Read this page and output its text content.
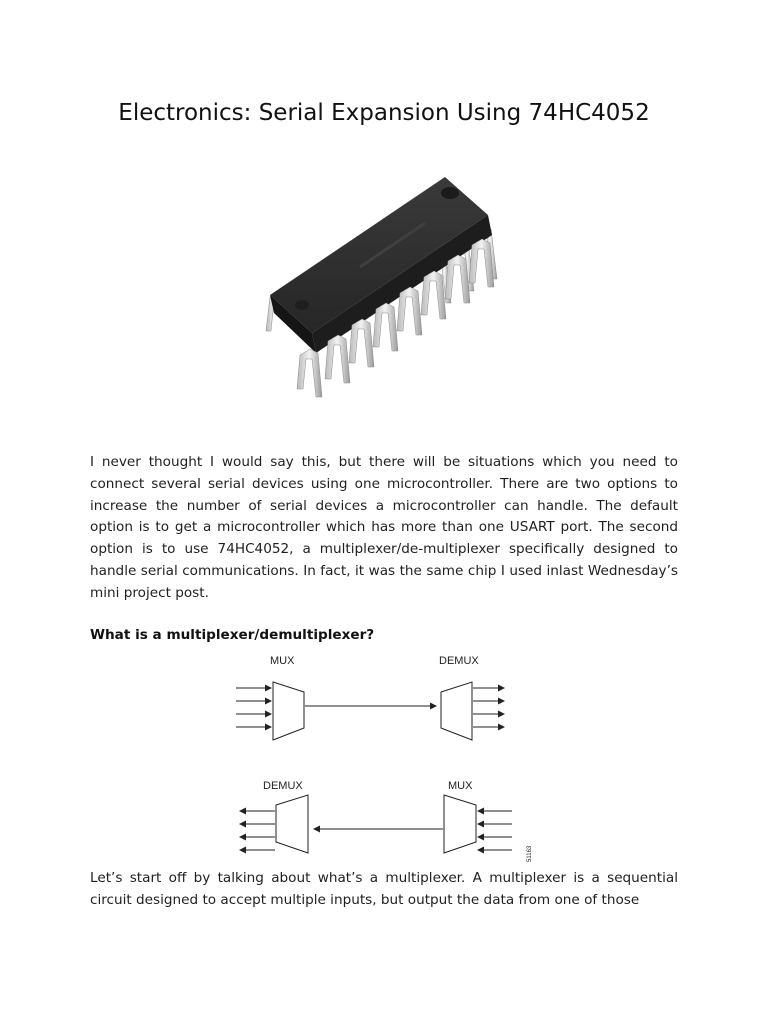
Electronics: Serial Expansion Using 74HC4052

I never thought I would say this, but there will be situations which you need to connect several serial devices using one microcontroller. There are two options to increase the number of serial devices a microcontroller can handle. The default option is to get a microcontroller which has more than one USART port. The second option is to use 74HC4052, a multiplexer/de-multiplexer specifically designed to handle serial communications. In fact, it was the same chip I used inlast Wednesday’s mini project post.

What is a multiplexer/demultiplexer?
MUX	DEMUX
DEMUX	MUX
51163

Let’s start off by talking about what’s a multiplexer. A multiplexer is a sequential circuit designed to accept multiple inputs, but output the data from one of those
